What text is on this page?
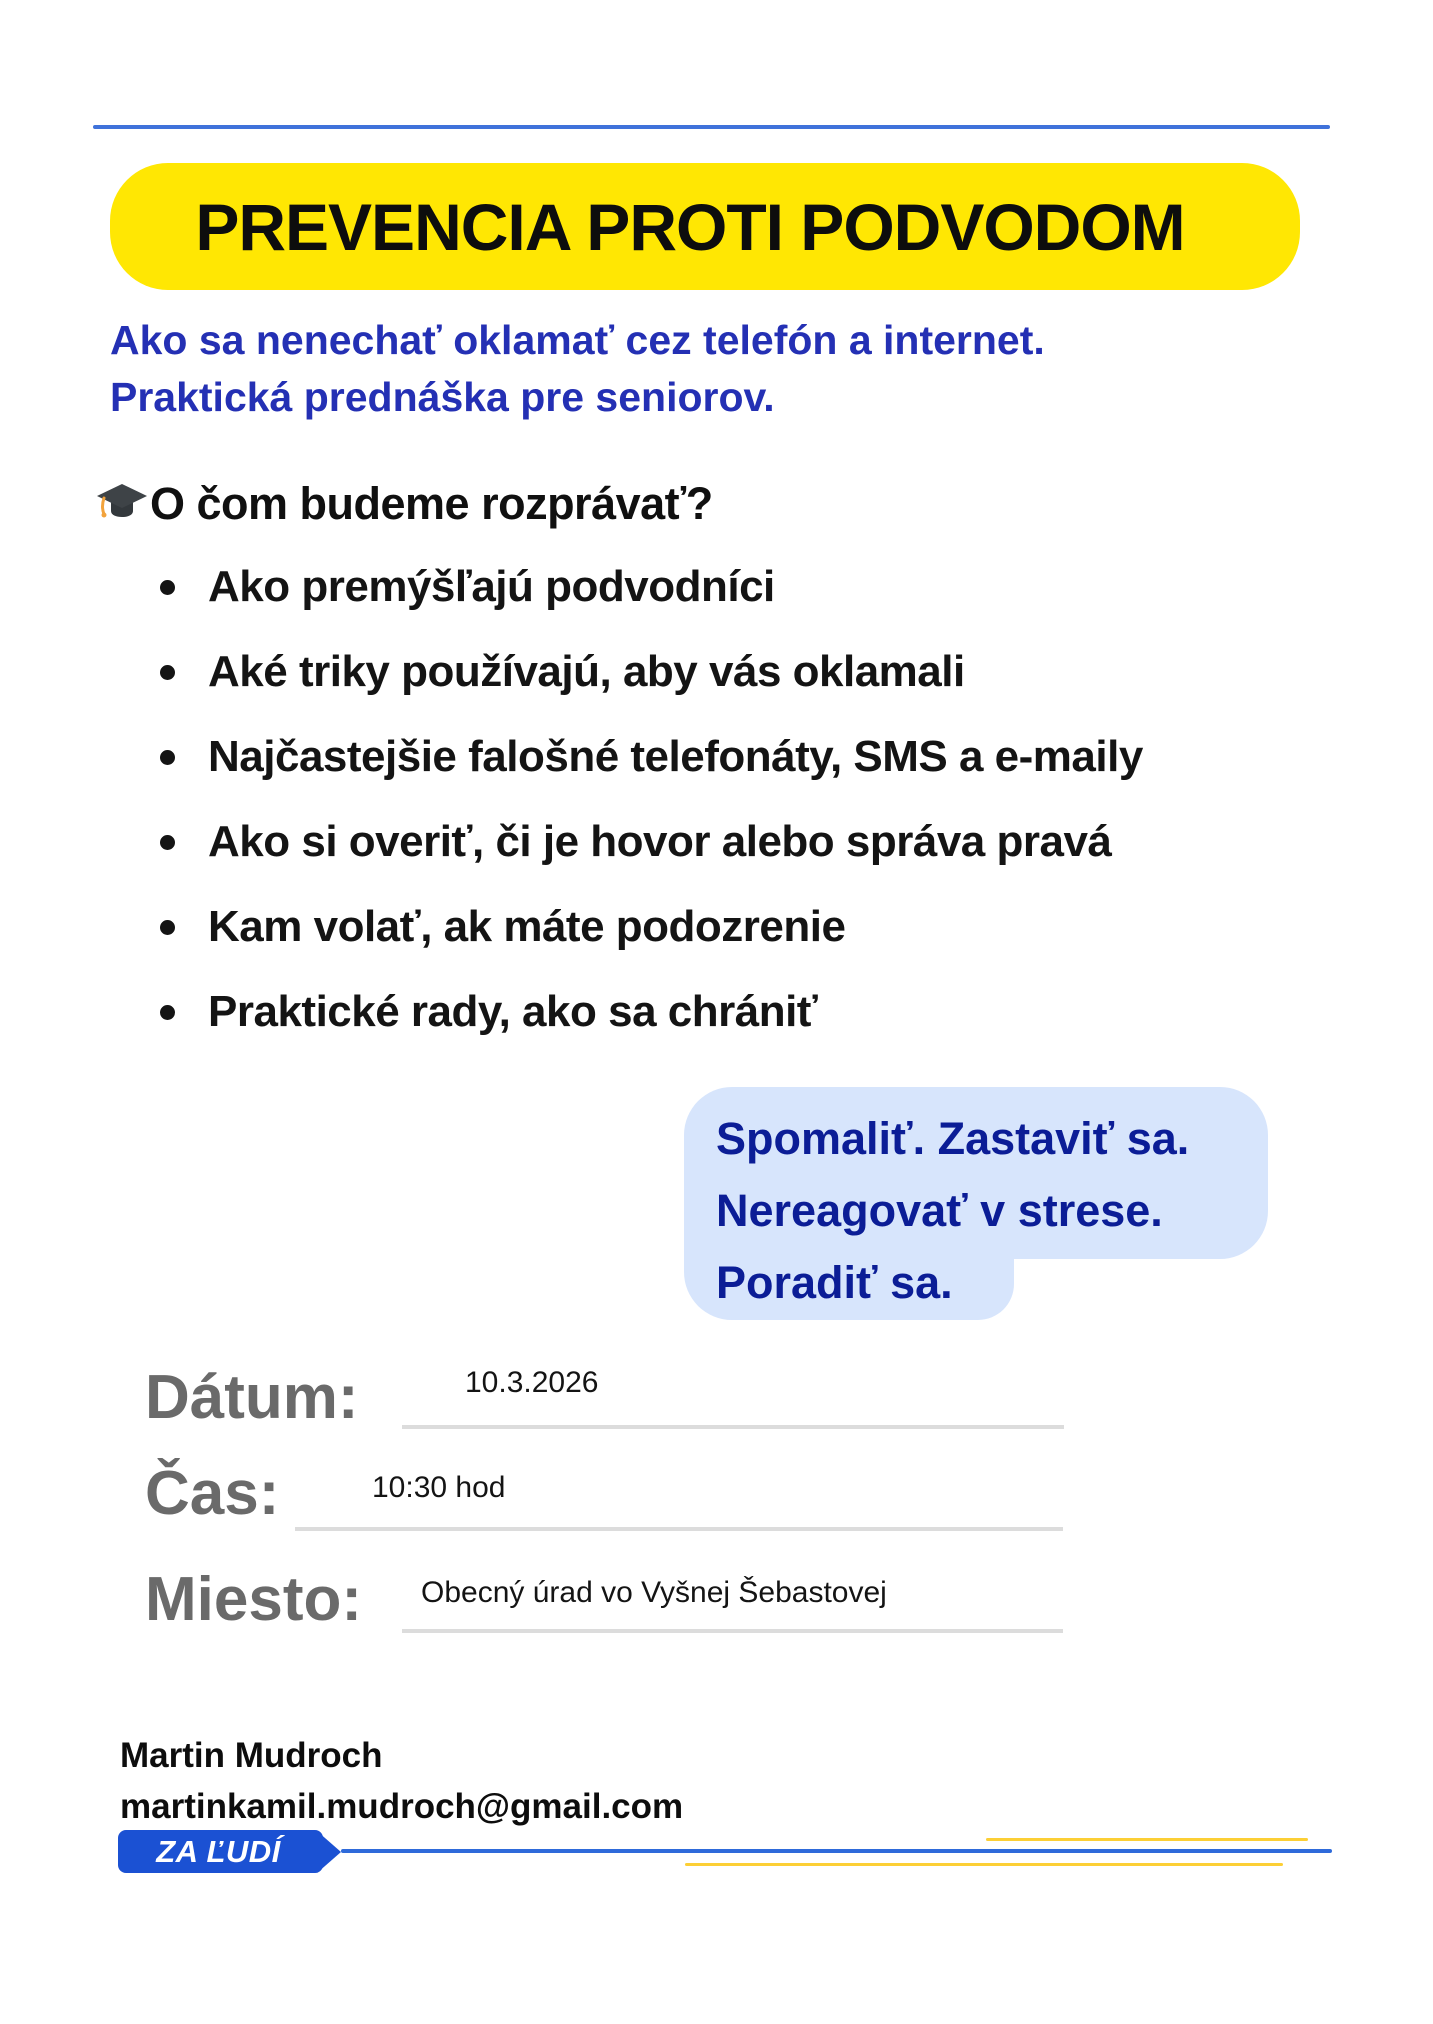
PREVENCIA PROTI PODVODOM
Ako sa nenechať oklamať cez telefón a internet.
Praktická prednáška pre seniorov.
O čom budeme rozprávať?
Ako premýšľajú podvodníci
Aké triky používajú, aby vás oklamali
Najčastejšie falošné telefonáty, SMS a e-maily
Ako si overiť, či je hovor alebo správa pravá
Kam volať, ak máte podozrenie
Praktické rady, ako sa chrániť
Spomaliť. Zastaviť sa.
Nereagovať v strese.
Poradiť sa.
Dátum:	10.3.2026
Čas:	10:30 hod
Miesto: Obecný úrad vo Vyšnej Šebastovej
Martin Mudroch
martinkamil.mudroch@gmail.com
ZA ĽUDÍ
